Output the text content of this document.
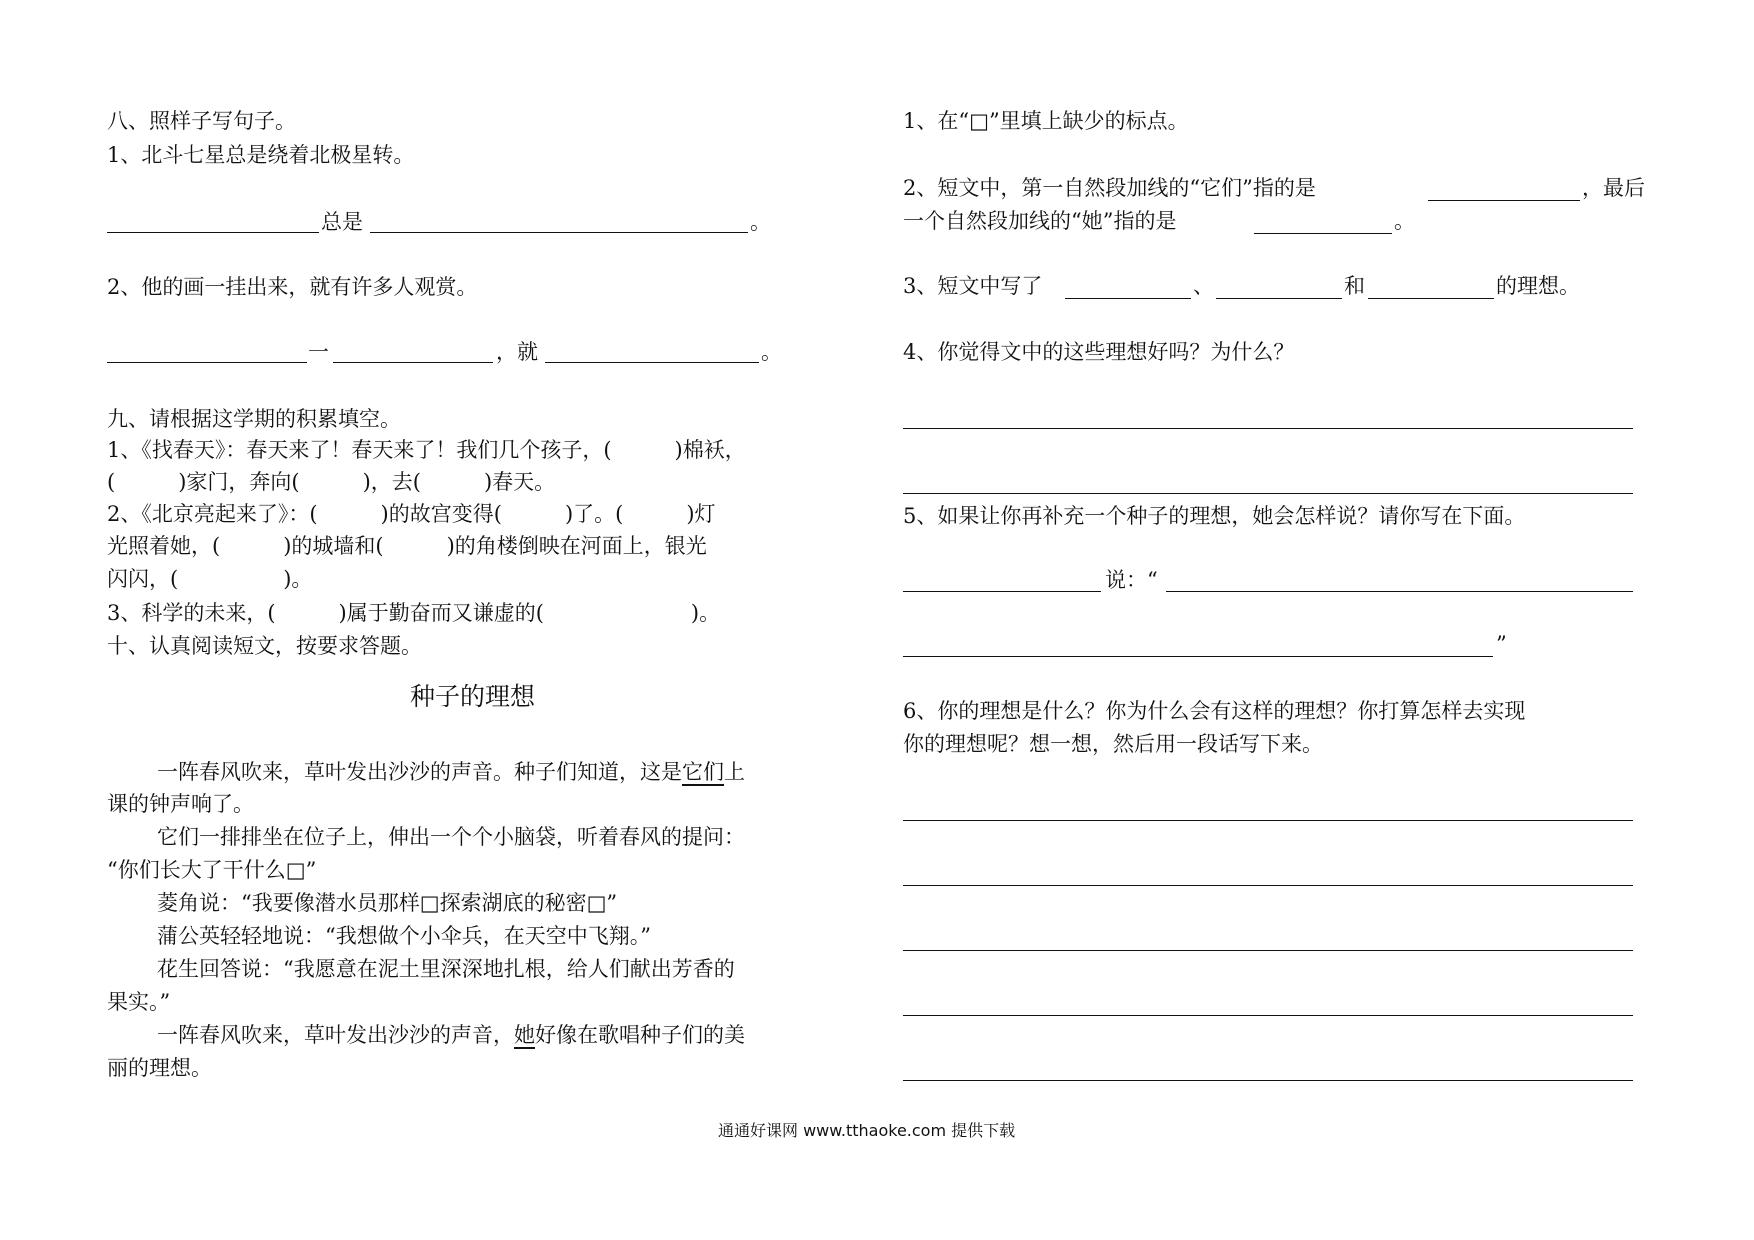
八、照样子写句子。
1、北斗七星总是绕着北极星转。
总是	。
2、他的画一挂出来，就有许多人观赏。
一	，就	。
九、请根据这学期的积累填空。
1、《找春天》：春天来了！春天来了！我们几个孩子，(　　　)棉袄，
(　　　)家门，奔向(　　　)，去(　　　)春天。
2、《北京亮起来了》：(　　　)的故宫变得(　　　)了。(　　　)灯
光照着她，(　　　)的城墙和(　　　)的角楼倒映在河面上，银光
闪闪，(　　　　　)。
3、科学的未来，(　　　)属于勤奋而又谦虚的(　　　　　　　)。
十、认真阅读短文，按要求答题。
种子的理想
一阵春风吹来，草叶发出沙沙的声音。种子们知道，这是它们上
课的钟声响了。
它们一排排坐在位子上，伸出一个个小脑袋，听着春风的提问：
“你们长大了干什么□”
菱角说：“我要像潜水员那样□探索湖底的秘密□”
蒲公英轻轻地说：“我想做个小伞兵，在天空中飞翔。”
花生回答说：“我愿意在泥土里深深地扎根，给人们献出芳香的
果实。”
一阵春风吹来，草叶发出沙沙的声音，她好像在歌唱种子们的美
丽的理想。
1、在“□”里填上缺少的标点。
2、短文中，第一自然段加线的“它们”指的是	，最后
一个自然段加线的“她”指的是	。
3、短文中写了	、	和	的理想。
4、你觉得文中的这些理想好吗？为什么？
5、如果让你再补充一个种子的理想，她会怎样说？请你写在下面。
说：“
”
6、你的理想是什么？你为什么会有这样的理想？你打算怎样去实现
你的理想呢？想一想，然后用一段话写下来。
通通好课网 www.tthaoke.com 提供下载
